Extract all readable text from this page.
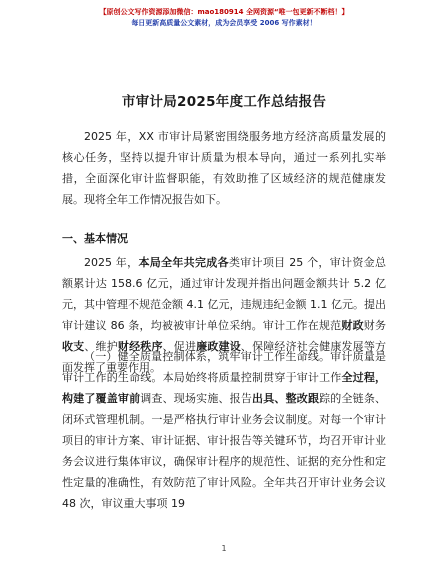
【原创公文写作资源添加微信：mao180914 全网资源“唯一包更新不断档！】
每日更新高质量公文素材，成为会员享受 2006 写作素材！
市审计局2025年度工作总结报告

2025 年，XX 市审计局紧密围绕服务地方经济高质量发展的核心任务，坚持以提升审计质量为根本导向，通过一系列扎实举措，全面深化审计监督职能，有效助推了区域经济的规范健康发展。现将全年工作情况报告如下。

一、基本情况

2025 年，本局全年共完成各类审计项目 25 个，审计资金总额累计达 158.6 亿元，通过审计发现并指出问题金额共计 5.2 亿元，其中管理不规范金额 4.1 亿元，违规违纪金额 1.1 亿元。提出审计建议 86 条，均被被审计单位采纳。审计工作在规范财政财务收支、维护财经秩序、促进廉政建设、保障经济社会健康发展等方面发挥了重要作用。

（一）健全质量控制体系，筑牢审计工作生命线。审计质量是审计工作的生命线。本局始终将质量控制贯穿于审计工作全过程，构建了覆盖审前调查、现场实施、报告出具、整改跟踪的全链条、闭环式管理机制。一是严格执行审计业务会议制度。对每一个审计项目的审计方案、审计证据、审计报告等关键环节，均召开审计业务会议进行集体审议，确保审计程序的规范性、证据的充分性和定性定量的准确性，有效防范了审计风险。全年共召开审计业务会议 48 次，审议重大事项 19

1
